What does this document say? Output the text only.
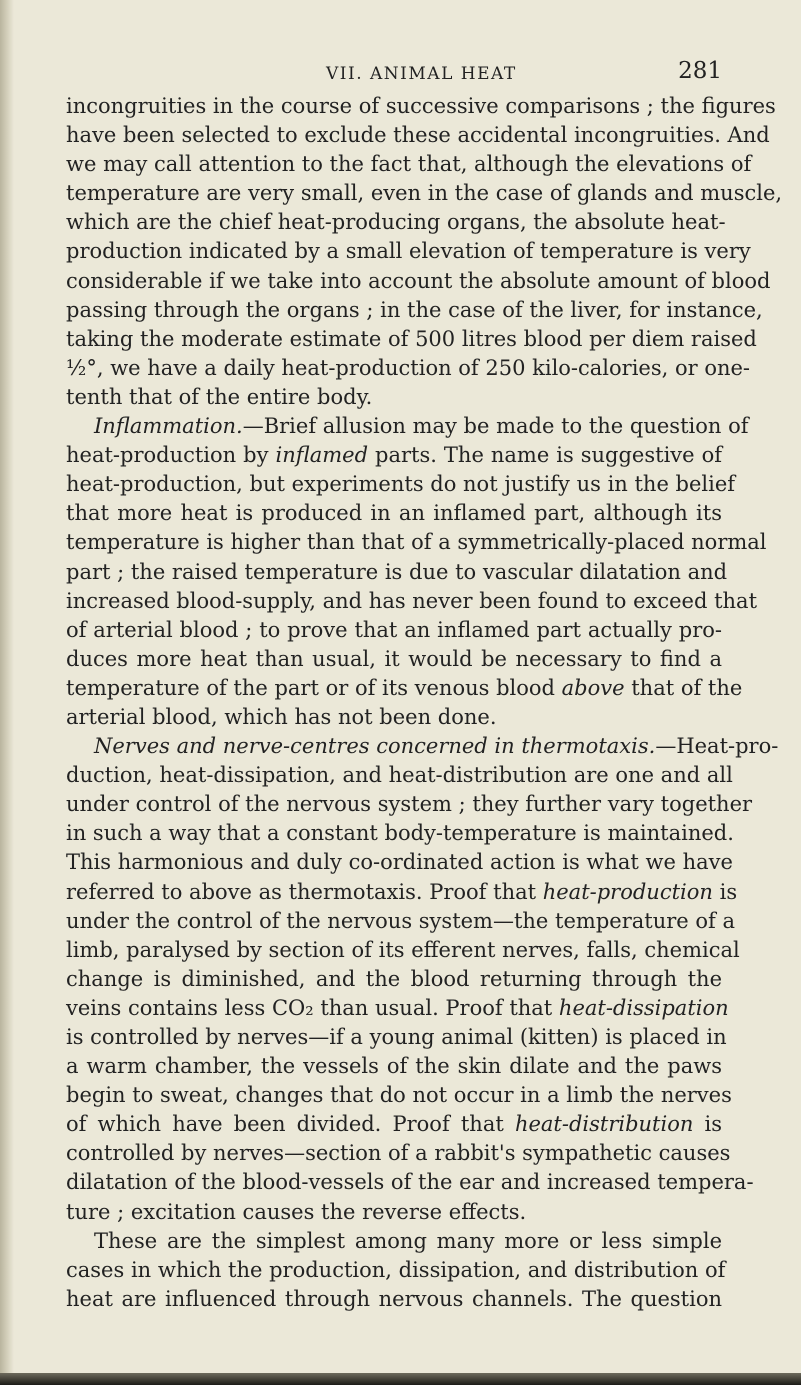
VII. ANIMAL HEAT	281
incongruities in the course of successive comparisons ; the figures
have been selected to exclude these accidental incongruities. And
we may call attention to the fact that, although the elevations of
temperature are very small, even in the case of glands and muscle,
which are the chief heat-producing organs, the absolute heat-
production indicated by a small elevation of temperature is very
considerable if we take into account the absolute amount of blood
passing through the organs ; in the case of the liver, for instance,
taking the moderate estimate of 500 litres blood per diem raised
½°, we have a daily heat-production of 250 kilo-calories, or one-
tenth that of the entire body.
Inflammation.—Brief allusion may be made to the question of
heat-production by inflamed parts. The name is suggestive of
heat-production, but experiments do not justify us in the belief
that more heat is produced in an inflamed part, although its
temperature is higher than that of a symmetrically-placed normal
part ; the raised temperature is due to vascular dilatation and
increased blood-supply, and has never been found to exceed that
of arterial blood ; to prove that an inflamed part actually pro-
duces more heat than usual, it would be necessary to find a
temperature of the part or of its venous blood above that of the
arterial blood, which has not been done.
Nerves and nerve-centres concerned in thermotaxis.—Heat-pro-
duction, heat-dissipation, and heat-distribution are one and all
under control of the nervous system ; they further vary together
in such a way that a constant body-temperature is maintained.
This harmonious and duly co-ordinated action is what we have
referred to above as thermotaxis. Proof that heat-production is
under the control of the nervous system—the temperature of a
limb, paralysed by section of its efferent nerves, falls, chemical
change is diminished, and the blood returning through the
veins contains less CO₂ than usual. Proof that heat-dissipation
is controlled by nerves—if a young animal (kitten) is placed in
a warm chamber, the vessels of the skin dilate and the paws
begin to sweat, changes that do not occur in a limb the nerves
of which have been divided. Proof that heat-distribution is
controlled by nerves—section of a rabbit's sympathetic causes
dilatation of the blood-vessels of the ear and increased tempera-
ture ; excitation causes the reverse effects.
These are the simplest among many more or less simple
cases in which the production, dissipation, and distribution of
heat are influenced through nervous channels. The question
